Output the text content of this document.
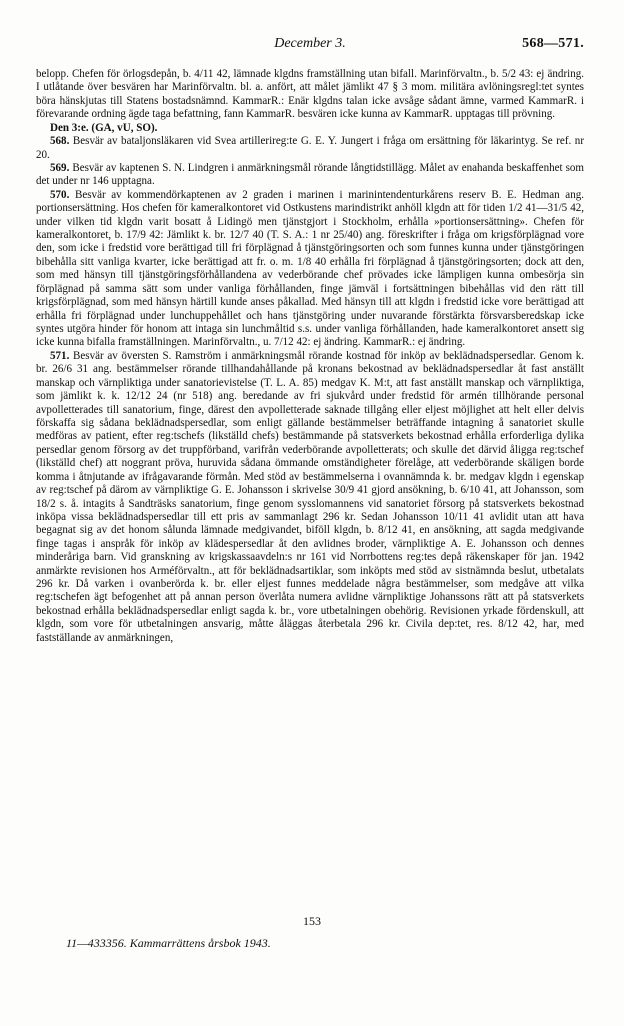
December 3.	568—571.

belopp. Chefen för örlogsdepån, b. 4/11 42, lämnade klgdns framställning utan bifall. Marinförvaltn., b. 5/2 43: ej ändring. I utlåtande över besvären har Marinförvaltn. bl. a. anfört, att målet jämlikt 47 § 3 mom. militära avlöningsregl:tet syntes böra hänskjutas till Statens bostadsnämnd. KammarR.: Enär klgdns talan icke avsåge sådant ämne, varmed KammarR. i förevarande ordning ägde taga befattning, fann KammarR. besvären icke kunna av KammarR. upptagas till prövning.

Den 3:e. (GA, vU, SO).

568. Besvär av bataljonsläkaren vid Svea artillerireg:te G. E. Y. Jungert i fråga om ersättning för läkarintyg. Se ref. nr 20.

569. Besvär av kaptenen S. N. Lindgren i anmärkningsmål rörande långtidstillägg. Målet av enahanda beskaffenhet som det under nr 146 upptagna.

570. Besvär av kommendörkaptenen av 2 graden i marinen i marinintendenturkårens reserv B. E. Hedman ang. portionsersättning. Hos chefen för kameralkontoret vid Ostkustens marindistrikt anhöll klgdn att för tiden 1/2 41—31/5 42, under vilken tid klgdn varit bosatt å Lidingö men tjänstgjort i Stockholm, erhålla »portionsersättning». Chefen för kameralkontoret, b. 17/9 42: Jämlikt k. br. 12/7 40 (T. S. A.: 1 nr 25/40) ang. föreskrifter i fråga om krigsförplägnad vore den, som icke i fredstid vore berättigad till fri förplägnad å tjänstgöringsorten och som funnes kunna under tjänstgöringen bibehålla sitt vanliga kvarter, icke berättigad att fr. o. m. 1/8 40 erhålla fri förplägnad å tjänstgöringsorten; dock att den, som med hänsyn till tjänstgöringsförhållandena av vederbörande chef prövades icke lämpligen kunna ombesörja sin förplägnad på samma sätt som under vanliga förhållanden, finge jämväl i fortsättningen bibehållas vid den rätt till krigsförplägnad, som med hänsyn härtill kunde anses påkallad. Med hänsyn till att klgdn i fredstid icke vore berättigad att erhålla fri förplägnad under lunchuppehållet och hans tjänstgöring under nuvarande förstärkta försvarsberedskap icke syntes utgöra hinder för honom att intaga sin lunchmåltid s.s. under vanliga förhållanden, hade kameralkontoret ansett sig icke kunna bifalla framställningen. Marinförvaltn., u. 7/12 42: ej ändring. KammarR.: ej ändring.

571. Besvär av översten S. Ramström i anmärkningsmål rörande kostnad för inköp av beklädnadspersedlar. Genom k. br. 26/6 31 ang. bestämmelser rörande tillhandahållande på kronans bekostnad av beklädnadspersedlar åt fast anställt manskap och värnpliktiga under sanatorievistelse (T. L. A. 85) medgav K. M:t, att fast anställt manskap och värnpliktiga, som jämlikt k. k. 12/12 24 (nr 518) ang. beredande av fri sjukvård under fredstid för armén tillhörande personal avpolletterades till sanatorium, finge, därest den avpolletterade saknade tillgång eller eljest möjlighet att helt eller delvis förskaffa sig sådana beklädnadspersedlar, som enligt gällande bestämmelser beträffande intagning å sanatoriet skulle medföras av patient, efter reg:tschefs (likställd chefs) bestämmande på statsverkets bekostnad erhålla erforderliga dylika persedlar genom försorg av det truppförband, varifrån vederbörande avpolletterats; och skulle det därvid åligga reg:tschef (likställd chef) att noggrant pröva, huruvida sådana ömmande omständigheter förelåge, att vederbörande skäligen borde komma i åtnjutande av ifrågavarande förmån. Med stöd av bestämmelserna i ovannämnda k. br. medgav klgdn i egenskap av reg:tschef på därom av värnpliktige G. E. Johansson i skrivelse 30/9 41 gjord ansökning, b. 6/10 41, att Johansson, som 18/2 s. å. intagits å Sandträsks sanatorium, finge genom sysslomannens vid sanatoriet försorg på statsverkets bekostnad inköpa vissa beklädnadspersedlar till ett pris av sammanlagt 296 kr. Sedan Johansson 10/11 41 avlidit utan att hava begagnat sig av det honom sålunda lämnade medgivandet, biföll klgdn, b. 8/12 41, en ansökning, att sagda medgivande finge tagas i anspråk för inköp av klädespersedlar åt den avlidnes broder, värnpliktige A. E. Johansson och dennes minderåriga barn. Vid granskning av krigskassaavdeln:s nr 161 vid Norrbottens reg:tes depå räkenskaper för jan. 1942 anmärkte revisionen hos Arméförvaltn., att för beklädnadsartiklar, som inköpts med stöd av sistnämnda beslut, utbetalats 296 kr. Då varken i ovanberörda k. br. eller eljest funnes meddelade några bestämmelser, som medgåve att vilka reg:tschefen ägt befogenhet att på annan person överlåta numera avlidne värnpliktige Johanssons rätt att på statsverkets bekostnad erhålla beklädnadspersedlar enligt sagda k. br., vore utbetalningen obehörig. Revisionen yrkade fördenskull, att klgdn, som vore för utbetalningen ansvarig, måtte åläggas återbetala 296 kr. Civila dep:tet, res. 8/12 42, har, med fastställande av anmärkningen,

153
11—433356. Kammarrättens årsbok 1943.
